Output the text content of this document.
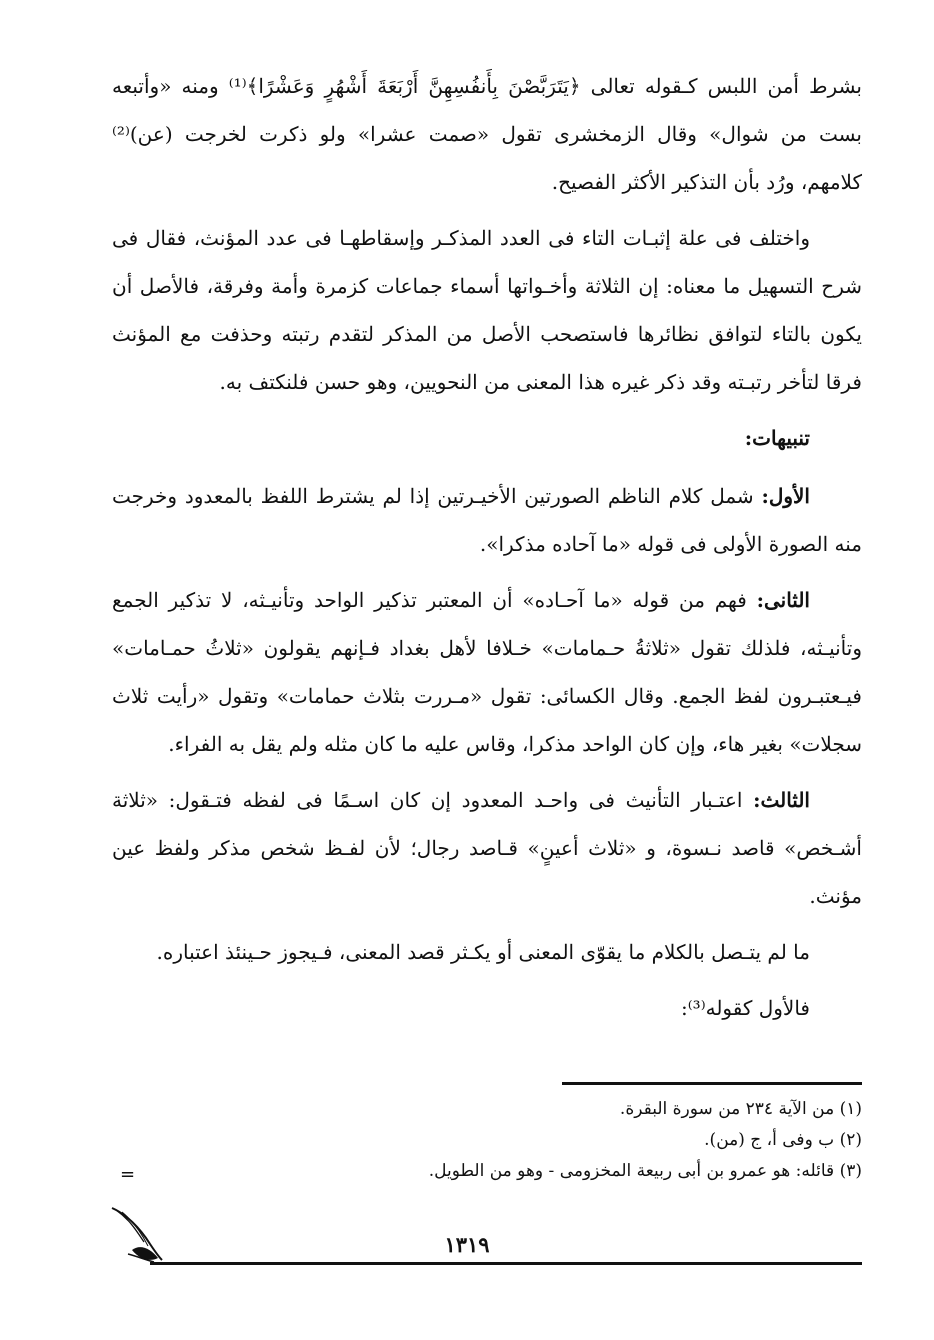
بشرط أمن اللبس كـقوله تعالى ﴿يَتَرَبَّصْنَ بِأَنفُسِهِنَّ أَرْبَعَةَ أَشْهُرٍ وَعَشْرًا﴾⁽¹⁾ ومنه «وأتبعه بست من شوال» وقال الزمخشرى تقول «صمت عشرا» ولو ذكرت لخرجت (عن)⁽²⁾ كلامهم، ورُد بأن التذكير الأكثر الفصيح.

واختلف فى علة إثبـات التاء فى العدد المذكـر وإسقاطهـا فى عدد المؤنث، فقال فى شرح التسهيل ما معناه: إن الثلاثة وأخـواتها أسماء جماعات كزمرة وأمة وفرقة، فالأصل أن يكون بالتاء لتوافق نظائرها فاستصحب الأصل من المذكر لتقدم رتبته وحذفت مع المؤنث فرقا لتأخر رتبـته وقد ذكر غيره هذا المعنى من النحويين، وهو حسن فلنكتف به.

تنبيهات:

الأول: شمل كلام الناظم الصورتين الأخيـرتين إذا لم يشترط اللفظ بالمعدود وخرجت منه الصورة الأولى فى قوله «ما آحاده مذكرا».

الثانى: فهم من قوله «ما آحـاده» أن المعتبر تذكير الواحد وتأنيـثه، لا تذكير الجمع وتأنيـثه، فلذلك تقول «ثلاثةُ حـمامات» خـلافا لأهل بغداد فـإنهم يقولون «ثلاثُ حمـامات» فيـعتبـرون لفظ الجمع. وقال الكسائى: تقول «مـررت بثلاث حمامات» وتقول «رأيت ثلاث سجلات» بغير هاء، وإن كان الواحد مذكرا، وقاس عليه ما كان مثله ولم يقل به الفراء.

الثالث: اعتـبار التأنيث فى واحـد المعدود إن كان اسـمًا فى لفظه فتـقول: «ثلاثة أشـخص» قاصد نـسوة، و «ثلاث أعينٍ» قـاصد رجال؛ لأن لفـظ شخص مذكر ولفظ عين مؤنث.

ما لم يتـصل بالكلام ما يقوّى المعنى أو يكـثر قصد المعنى، فـيجوز حـينئذ اعتباره.

فالأول كقوله⁽³⁾:

(١) من الآية ٢٣٤ من سورة البقرة.

(٢) ب وفى أ، ج (من).

(٣) قائله: هو عمرو بن أبى ربيعة المخزومى - وهو من الطويل.

=
١٣١٩
